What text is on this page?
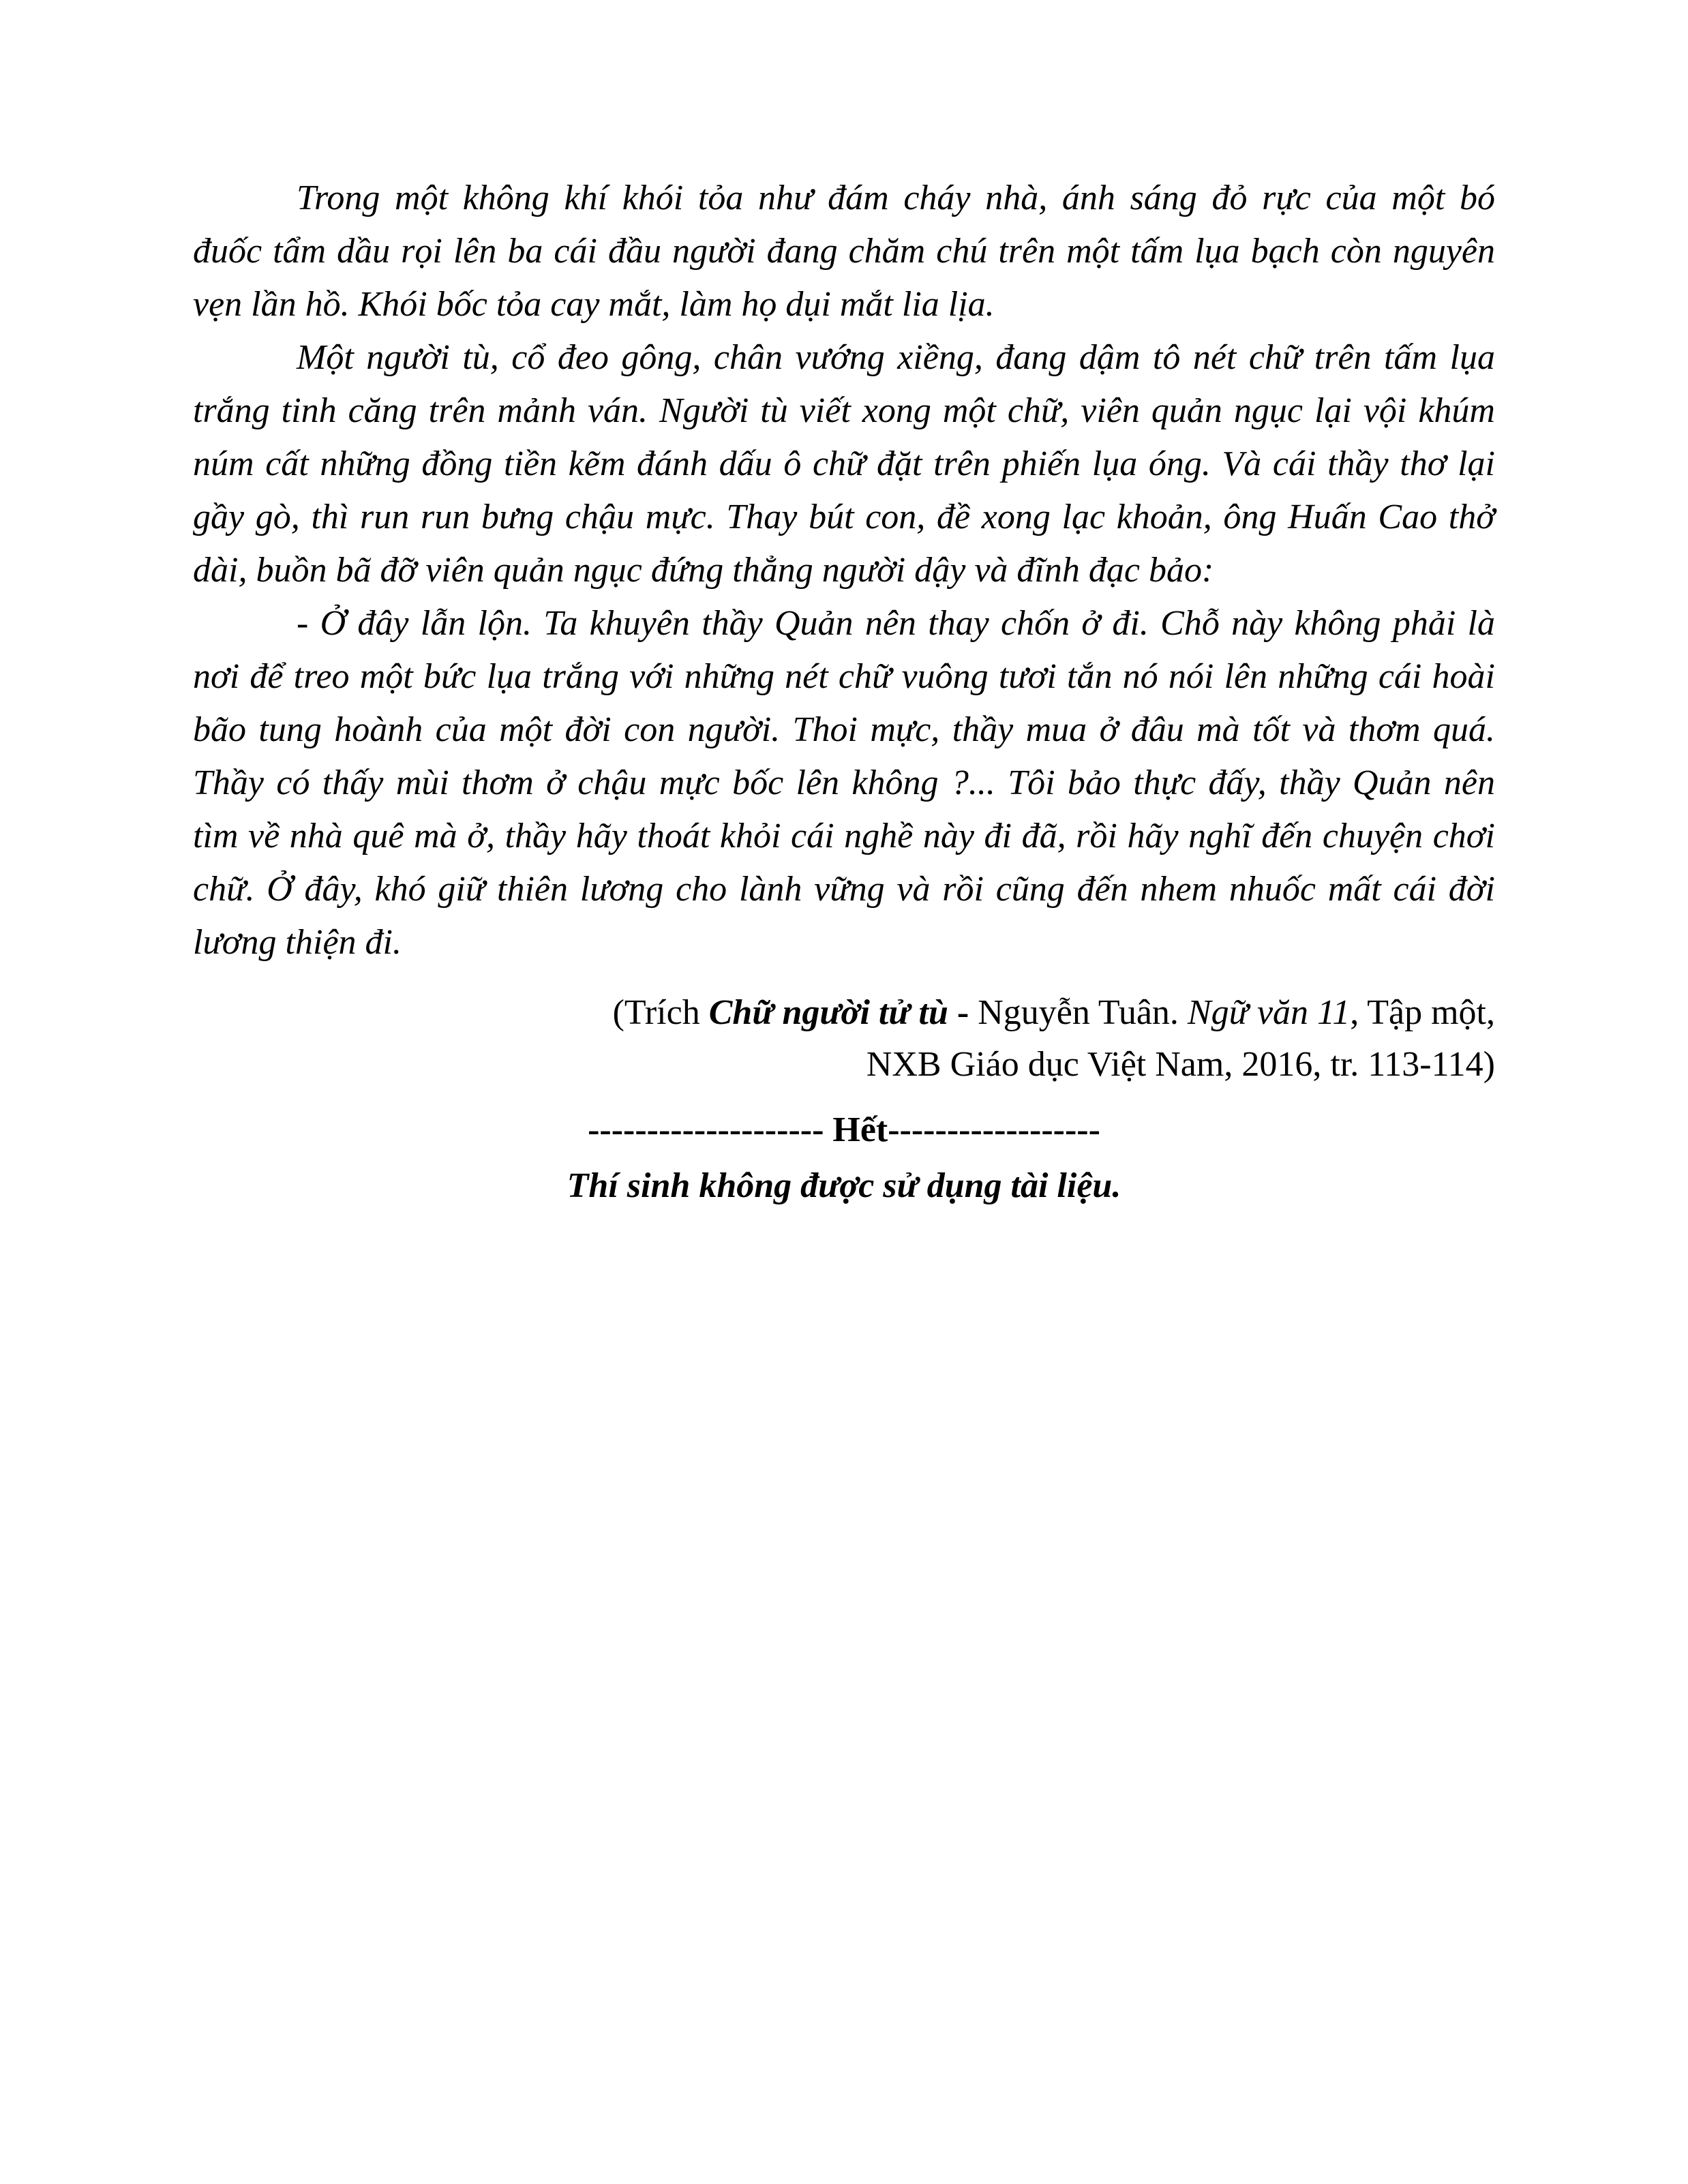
Trong một không khí khói tỏa như đám cháy nhà, ánh sáng đỏ rực của một bó
đuốc tẩm dầu rọi lên ba cái đầu người đang chăm chú trên một tấm lụa bạch còn nguyên
vẹn lần hồ. Khói bốc tỏa cay mắt, làm họ dụi mắt lia lịa.
Một người tù, cổ đeo gông, chân vướng xiềng, đang dậm tô nét chữ trên tấm lụa
trắng tinh căng trên mảnh ván. Người tù viết xong một chữ, viên quản ngục lại vội khúm
núm cất những đồng tiền kẽm đánh dấu ô chữ đặt trên phiến lụa óng. Và cái thầy thơ lại
gầy gò, thì run run bưng chậu mực. Thay bút con, đề xong lạc khoản, ông Huấn Cao thở
dài, buồn bã đỡ viên quản ngục đứng thẳng người dậy và đĩnh đạc bảo:
- Ở đây lẫn lộn. Ta khuyên thầy Quản nên thay chốn ở đi. Chỗ này không phải là
nơi để treo một bức lụa trắng với những nét chữ vuông tươi tắn nó nói lên những cái hoài
bão tung hoành của một đời con người. Thoi mực, thầy mua ở đâu mà tốt và thơm quá.
Thầy có thấy mùi thơm ở chậu mực bốc lên không ?... Tôi bảo thực đấy, thầy Quản nên
tìm về nhà quê mà ở, thầy hãy thoát khỏi cái nghề này đi đã, rồi hãy nghĩ đến chuyện chơi
chữ. Ở đây, khó giữ thiên lương cho lành vững và rồi cũng đến nhem nhuốc mất cái đời
lương thiện đi.
(Trích Chữ người tử tù - Nguyễn Tuân. Ngữ văn 11, Tập một,
NXB Giáo dục Việt Nam, 2016, tr. 113-114)
-------------------- Hết------------------
Thí sinh không được sử dụng tài liệu.
